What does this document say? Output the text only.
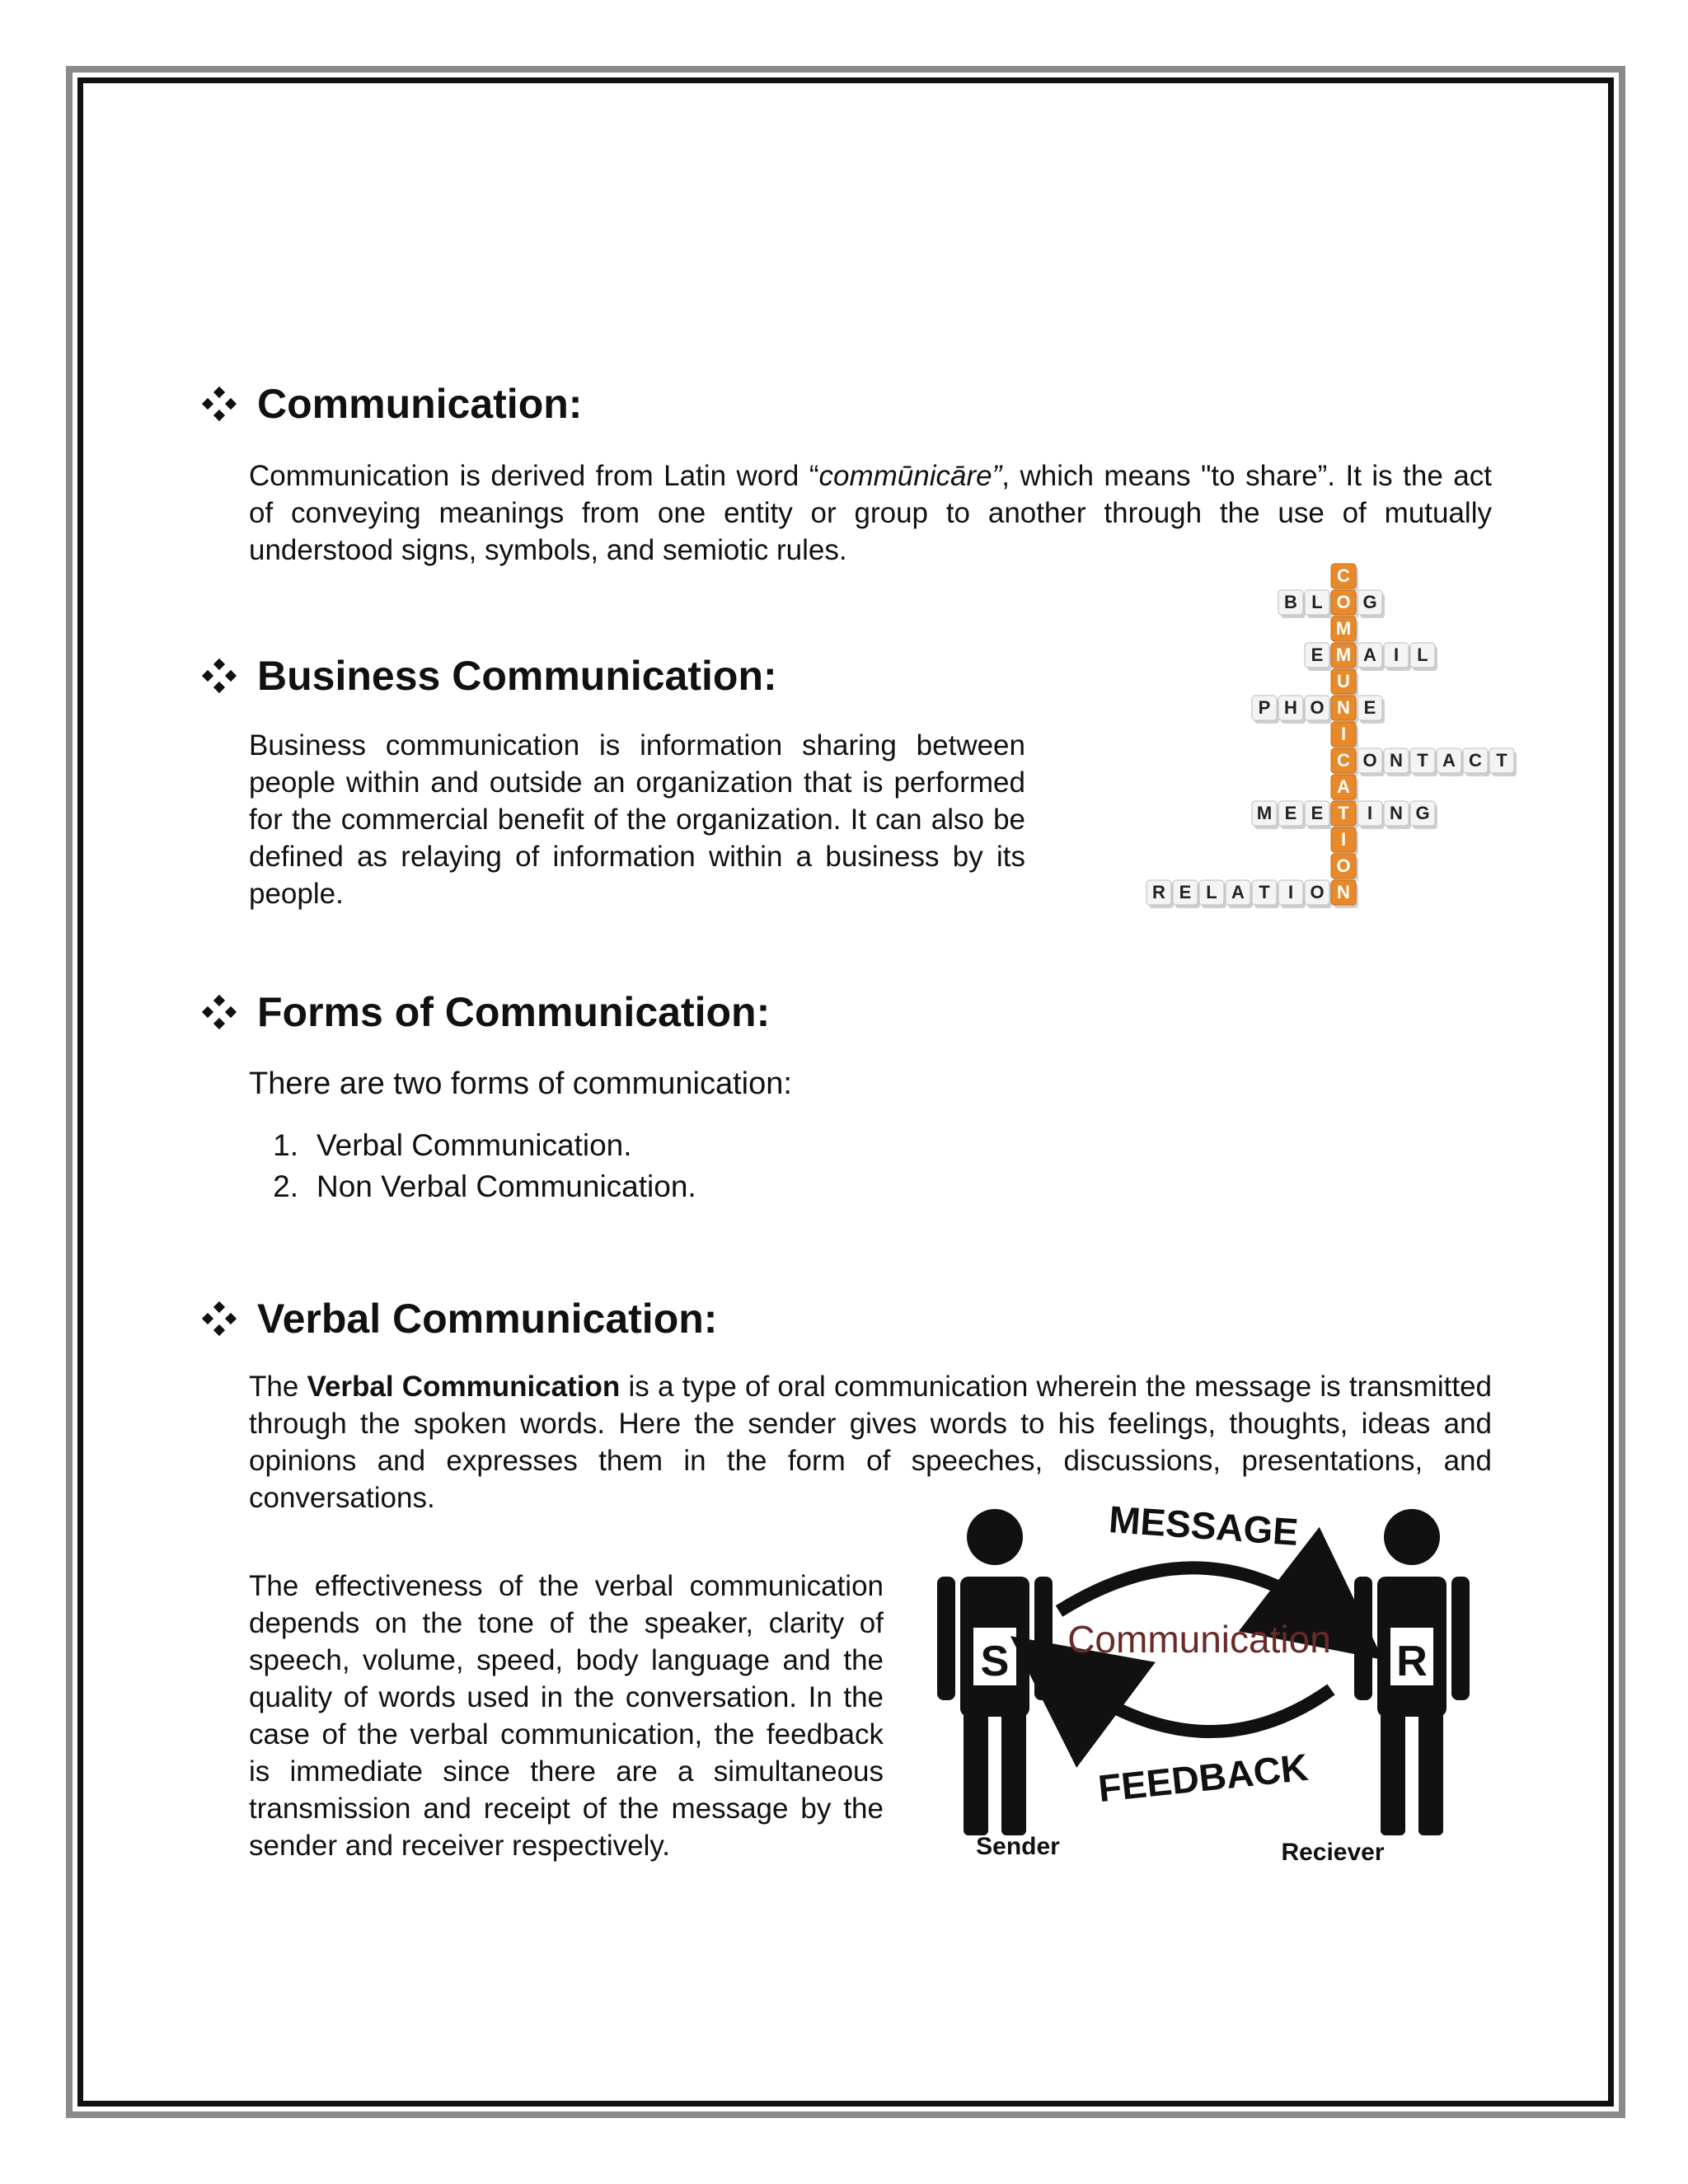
Communication:
Communication is derived from Latin word “commūnicāre”, which means "to share”. It is the act of conveying meanings from one entity or group to another through the use of mutually understood signs, symbols, and semiotic rules.
Business Communication:
Business communication is information sharing between people within and outside an organization that is performed for the commercial benefit of the organization. It can also be defined as relaying of information within a business by its people.
B L G
E A I L
P H O E
O N T A C T
M E E I N G
R E L A T I O
C
O
M
M
U
N
I
C
A
T
I
O
N
Forms of Communication:
There are two forms of communication:
1. Verbal Communication.
2. Non Verbal Communication.
Verbal Communication:
The Verbal Communication is a type of oral communication wherein the message is transmitted through the spoken words. Here the sender gives words to his feelings, thoughts, ideas and opinions and expresses them in the form of speeches, discussions, presentations, and conversations.
The effectiveness of the verbal communication depends on the tone of the speaker, clarity of speech, volume, speed, body language and the quality of words used in the conversation. In the case of the verbal communication, the feedback is immediate since there are a simultaneous transmission and receipt of the message by the sender and receiver respectively.
S	R
MESSAGE
Communication
FEEDBACK
Sender	Reciever
